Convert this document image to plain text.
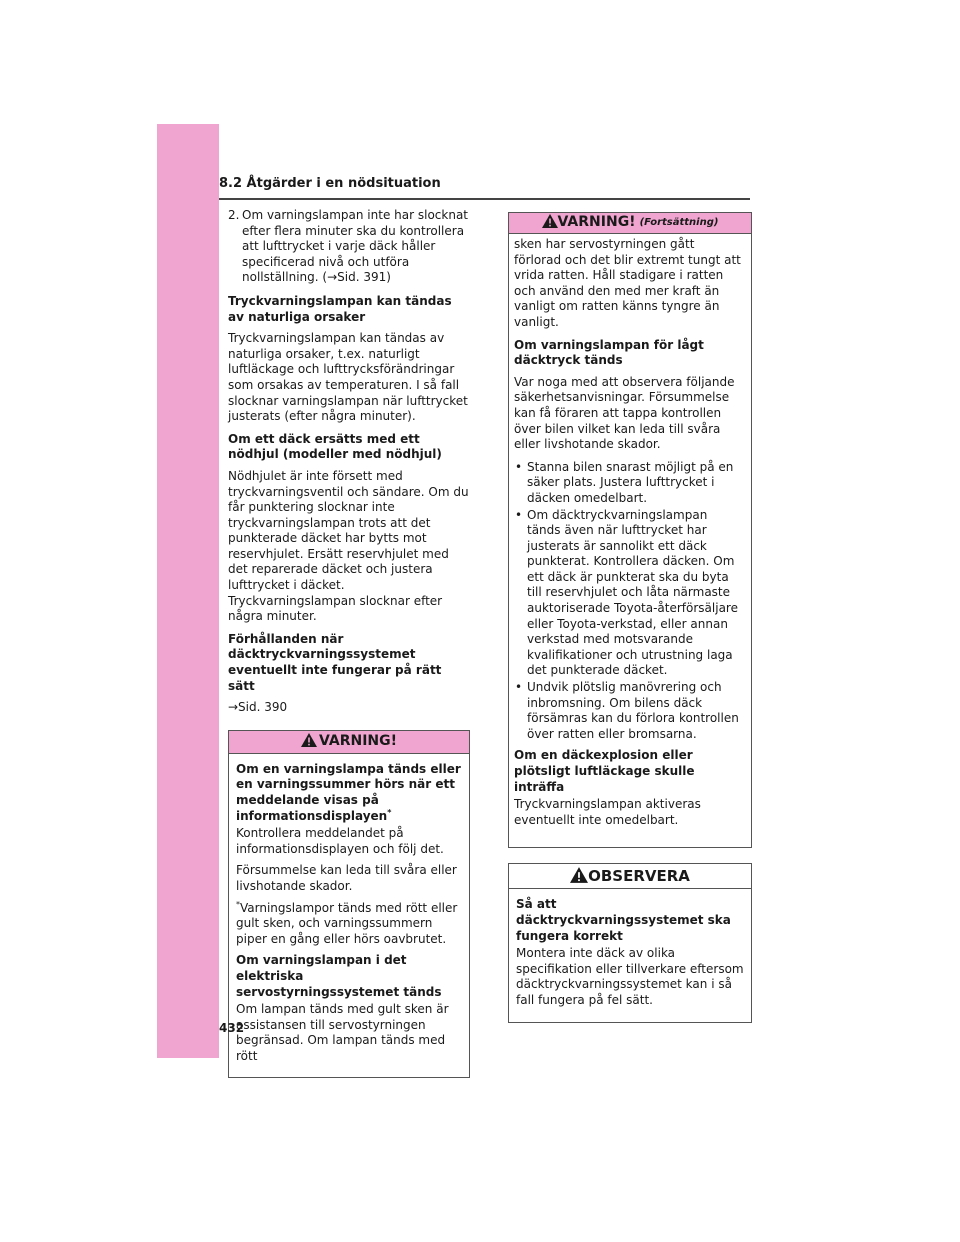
8.2 Åtgärder i en nödsituation
2. Om varningslampan inte har slocknat efter flera minuter ska du kontrollera att lufttrycket i varje däck håller specificerad nivå och utföra nollställning. (→Sid. 391)

Tryckvarningslampan kan tändas av naturliga orsaker

Tryckvarningslampan kan tändas av naturliga orsaker, t.ex. naturligt luftläckage och lufttrycksförändringar som orsakas av temperaturen. I så fall slocknar varningslampan när lufttrycket justerats (efter några minuter).

Om ett däck ersätts med ett nödhjul (modeller med nödhjul)

Nödhjulet är inte försett med tryckvarningsventil och sändare. Om du får punktering slocknar inte tryckvarningslampan trots att det punkterade däcket har bytts mot reservhjulet. Ersätt reservhjulet med det reparerade däcket och justera lufttrycket i däcket. Tryckvarningslampan slocknar efter några minuter.

Förhållanden när däcktryckvarningssystemet eventuellt inte fungerar på rätt sätt

→Sid. 390

VARNING!

Om en varningslampa tänds eller en varningssummer hörs när ett meddelande visas på informationsdisplayen*

Kontrollera meddelandet på informationsdisplayen och följ det.

Försummelse kan leda till svåra eller livshotande skador.

*Varningslampor tänds med rött eller gult sken, och varningssummern piper en gång eller hörs oavbrutet.

Om varningslampan i det elektriska servostyrningssystemet tänds

Om lampan tänds med gult sken är assistansen till servostyrningen begränsad. Om lampan tänds med rött

VARNING! (Fortsättning)

sken har servostyrningen gått förlorad och det blir extremt tungt att vrida ratten. Håll stadigare i ratten och använd den med mer kraft än vanligt om ratten känns tyngre än vanligt.

Om varningslampan för lågt däcktryck tänds

Var noga med att observera följande säkerhetsanvisningar. Försummelse kan få föraren att tappa kontrollen över bilen vilket kan leda till svåra eller livshotande skador.

• Stanna bilen snarast möjligt på en säker plats. Justera lufttrycket i däcken omedelbart.
• Om däcktryckvarningslampan tänds även när lufttrycket har justerats är sannolikt ett däck punkterat. Kontrollera däcken. Om ett däck är punkterat ska du byta till reservhjulet och låta närmaste auktoriserade Toyota-återförsäljare eller Toyota-verkstad, eller annan verkstad med motsvarande kvalifikationer och utrustning laga det punkterade däcket.
• Undvik plötslig manövrering och inbromsning. Om bilens däck försämras kan du förlora kontrollen över ratten eller bromsarna.

Om en däckexplosion eller plötsligt luftläckage skulle inträffa

Tryckvarningslampan aktiveras eventuellt inte omedelbart.

OBSERVERA

Så att däcktryckvarningssystemet ska fungera korrekt

Montera inte däck av olika specifikation eller tillverkare eftersom däcktryckvarningssystemet kan i så fall fungera på fel sätt.

432
